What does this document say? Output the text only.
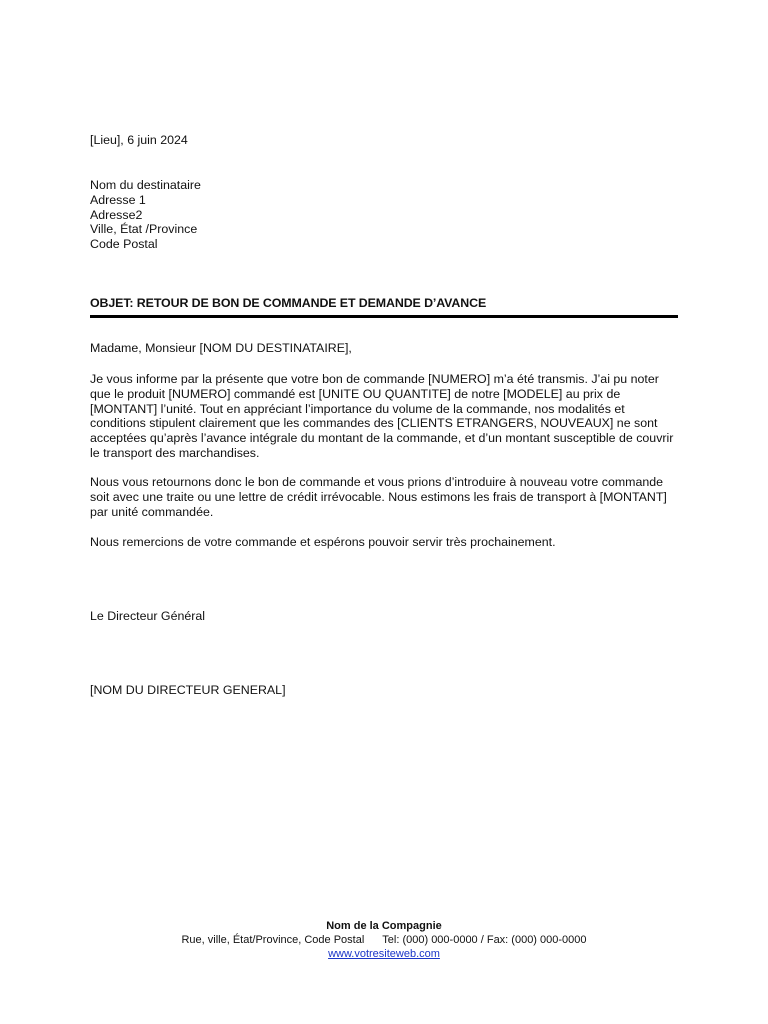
[Lieu], 6 juin 2024
Nom du destinataire
Adresse 1
Adresse2
Ville, État /Province
Code Postal
OBJET: RETOUR DE BON DE COMMANDE ET DEMANDE D’AVANCE
Madame, Monsieur [NOM DU DESTINATAIRE],

Je vous informe par la présente que votre bon de commande [NUMERO] m’a été transmis. J’ai pu noter que le produit [NUMERO] commandé est [UNITE OU QUANTITE] de notre [MODELE] au prix de [MONTANT] l’unité. Tout en appréciant l’importance du volume de la commande, nos modalités et conditions stipulent clairement que les commandes des [CLIENTS ETRANGERS, NOUVEAUX] ne sont acceptées qu’après l’avance intégrale du montant de la commande, et d’un montant susceptible de couvrir le transport des marchandises.

Nous vous retournons donc le bon de commande et vous prions d’introduire à nouveau votre commande soit avec une traite ou une lettre de crédit irrévocable. Nous estimons les frais de transport à [MONTANT] par unité commandée.

Nous remercions de votre commande et espérons pouvoir servir très prochainement.

Le Directeur Général
[NOM DU DIRECTEUR GENERAL]
Nom de la Compagnie
Rue, ville, État/Province, Code Postal Tel: (000) 000-0000 / Fax: (000) 000-0000
www.votresiteweb.com
